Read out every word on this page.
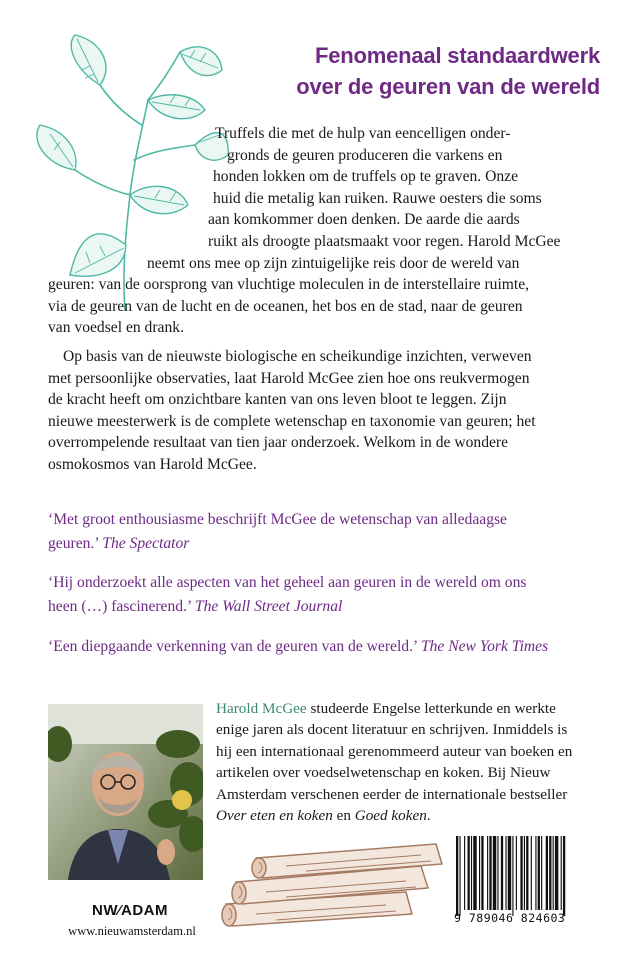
Fenomenaal standaardwerk
over de geuren van de wereld
Truffels die met de hulp van eencelligen onder-
gronds de geuren produceren die varkens en
honden lokken om de truffels op te graven. Onze
huid die metalig kan ruiken. Rauwe oesters die soms
aan komkommer doen denken. De aarde die aards
ruikt als droogte plaatsmaakt voor regen. Harold McGee
neemt ons mee op zijn zintuigelijke reis door de wereld van
geuren: van de oorsprong van vluchtige moleculen in de interstellaire ruimte,
via de geuren van de lucht en de oceanen, het bos en de stad, naar de geuren
van voedsel en drank.
Op basis van de nieuwste biologische en scheikundige inzichten, verweven
met persoonlijke observaties, laat Harold McGee zien hoe ons reukvermogen
de kracht heeft om onzichtbare kanten van ons leven bloot te leggen. Zijn
nieuwe meesterwerk is de complete wetenschap en taxonomie van geuren; het
overrompelende resultaat van tien jaar onderzoek. Welkom in de wondere
osmokosmos van Harold McGee.
‘Met groot enthousiasme beschrijft McGee de wetenschap van alledaagse
geuren.’ The Spectator
‘Hij onderzoekt alle aspecten van het geheel aan geuren in de wereld om ons
heen (…) fascinerend.’ The Wall Street Journal
‘Een diepgaande verkenning van de geuren van de wereld.’ The New York Times
Harold McGee studeerde Engelse letterkunde en werkte
enige jaren als docent literatuur en schrijven. Inmiddels is
hij een internationaal gerenommeerd auteur van boeken en
artikelen over voedselwetenschap en koken. Bij Nieuw
Amsterdam verschenen eerder de internationale bestseller
Over eten en koken en Goed koken.
9 789046 824603
NW⁄ADAM
www.nieuwamsterdam.nl
